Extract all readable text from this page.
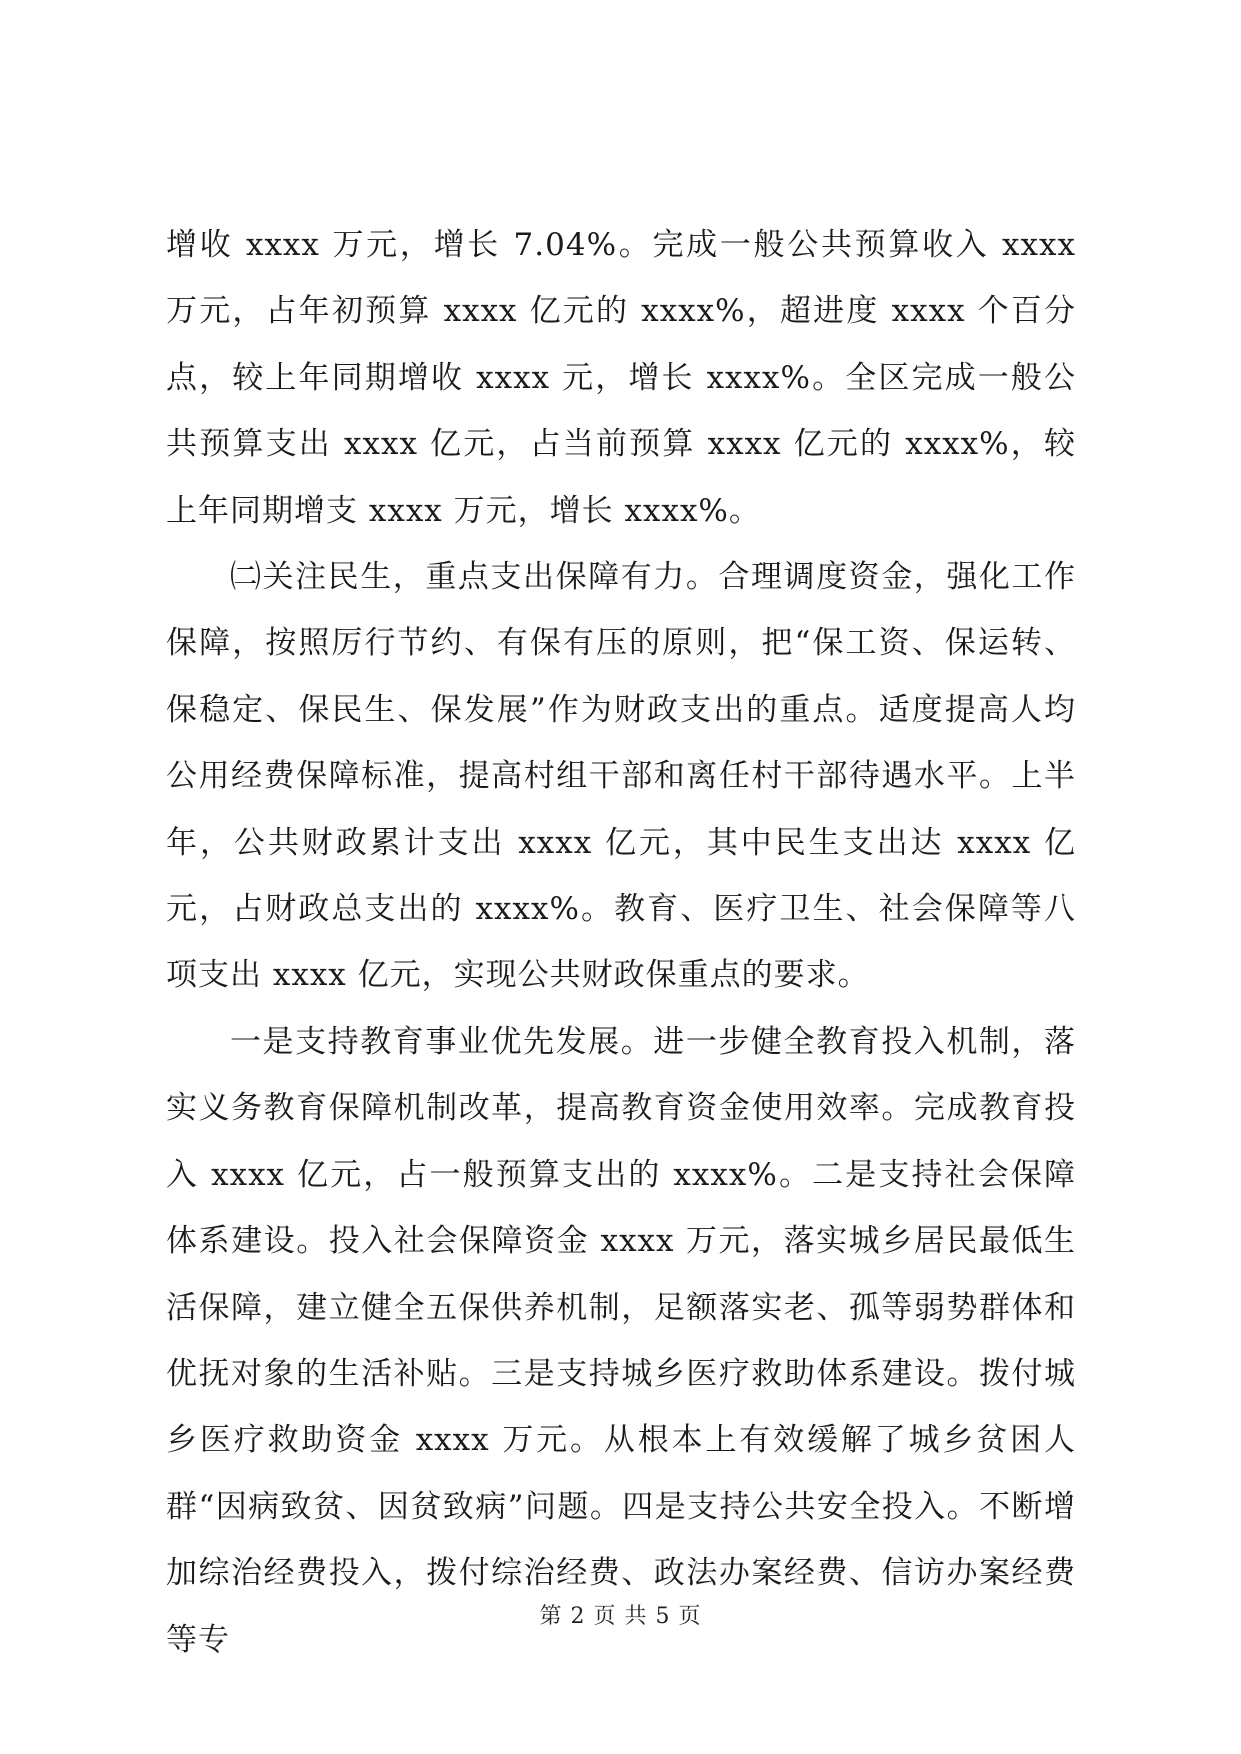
增收 xxxx 万元，增长 7.04%。完成一般公共预算收入 xxxx 万元，占年初预算 xxxx 亿元的 xxxx%，超进度 xxxx 个百分点，较上年同期增收 xxxx 元，增长 xxxx%。全区完成一般公共预算支出 xxxx 亿元，占当前预算 xxxx 亿元的 xxxx%，较上年同期增支 xxxx 万元，增长 xxxx%。

㈡关注民生，重点支出保障有力。合理调度资金，强化工作保障，按照厉行节约、有保有压的原则，把“保工资、保运转、保稳定、保民生、保发展”作为财政支出的重点。适度提高人均公用经费保障标准，提高村组干部和离任村干部待遇水平。上半年，公共财政累计支出 xxxx 亿元，其中民生支出达 xxxx 亿元，占财政总支出的 xxxx%。教育、医疗卫生、社会保障等八项支出 xxxx 亿元，实现公共财政保重点的要求。

一是支持教育事业优先发展。进一步健全教育投入机制，落实义务教育保障机制改革，提高教育资金使用效率。完成教育投入 xxxx 亿元，占一般预算支出的 xxxx%。二是支持社会保障体系建设。投入社会保障资金 xxxx 万元，落实城乡居民最低生活保障，建立健全五保供养机制，足额落实老、孤等弱势群体和优抚对象的生活补贴。三是支持城乡医疗救助体系建设。拨付城乡医疗救助资金 xxxx 万元。从根本上有效缓解了城乡贫困人群“因病致贫、因贫致病”问题。四是支持公共安全投入。不断增加综治经费投入，拨付综治经费、政法办案经费、信访办案经费等专

第 2 页 共 5 页
